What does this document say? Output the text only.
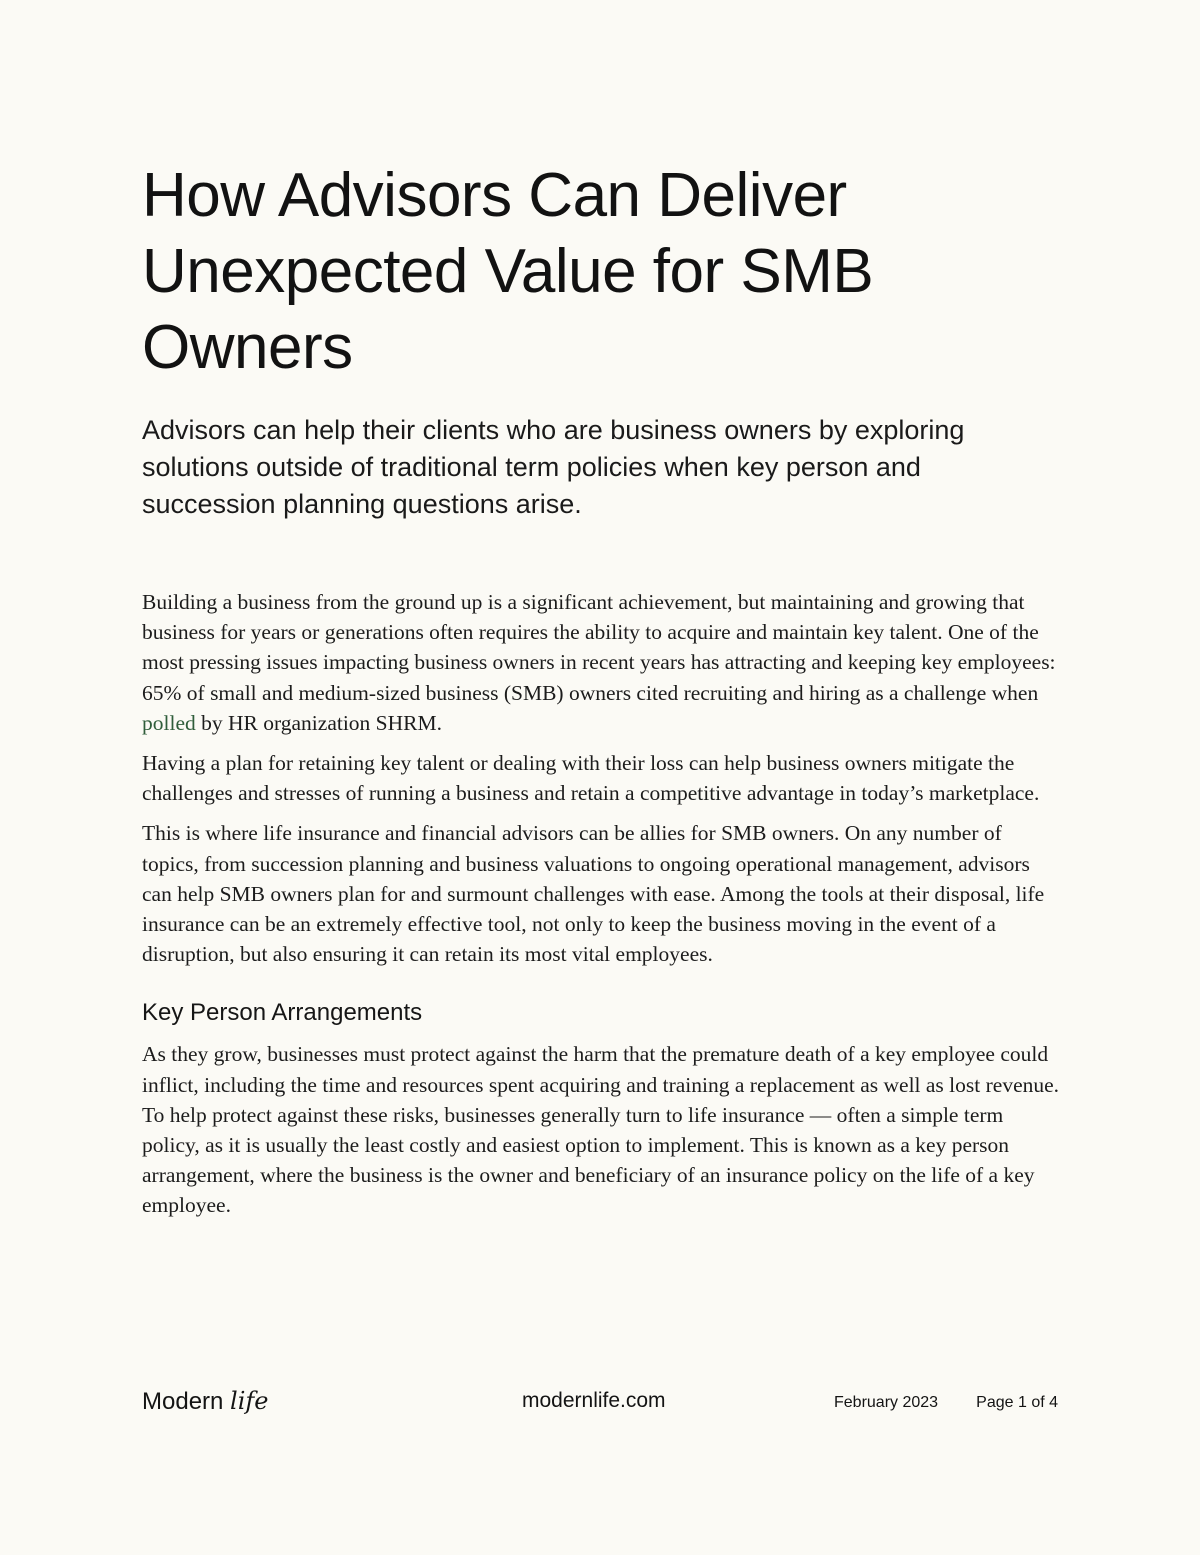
How Advisors Can Deliver Unexpected Value for SMB Owners

Advisors can help their clients who are business owners by exploring solutions outside of traditional term policies when key person and succession planning questions arise.

Building a business from the ground up is a significant achievement, but maintaining and growing that business for years or generations often requires the ability to acquire and maintain key talent. One of the most pressing issues impacting business owners in recent years has attracting and keeping key employees: 65% of small and medium-sized business (SMB) owners cited recruiting and hiring as a challenge when polled by HR organization SHRM.

Having a plan for retaining key talent or dealing with their loss can help business owners mitigate the challenges and stresses of running a business and retain a competitive advantage in today’s marketplace.

This is where life insurance and financial advisors can be allies for SMB owners. On any number of topics, from succession planning and business valuations to ongoing operational management, advisors can help SMB owners plan for and surmount challenges with ease. Among the tools at their disposal, life insurance can be an extremely effective tool, not only to keep the business moving in the event of a disruption, but also ensuring it can retain its most vital employees.

Key Person Arrangements

As they grow, businesses must protect against the harm that the premature death of a key employee could inflict, including the time and resources spent acquiring and training a replacement as well as lost revenue. To help protect against these risks, businesses generally turn to life insurance — often a simple term policy, as it is usually the least costly and easiest option to implement. This is known as a key person arrangement, where the business is the owner and beneficiary of an insurance policy on the life of a key employee.

Modern life	modernlife.com	February 2023 Page 1 of 4
